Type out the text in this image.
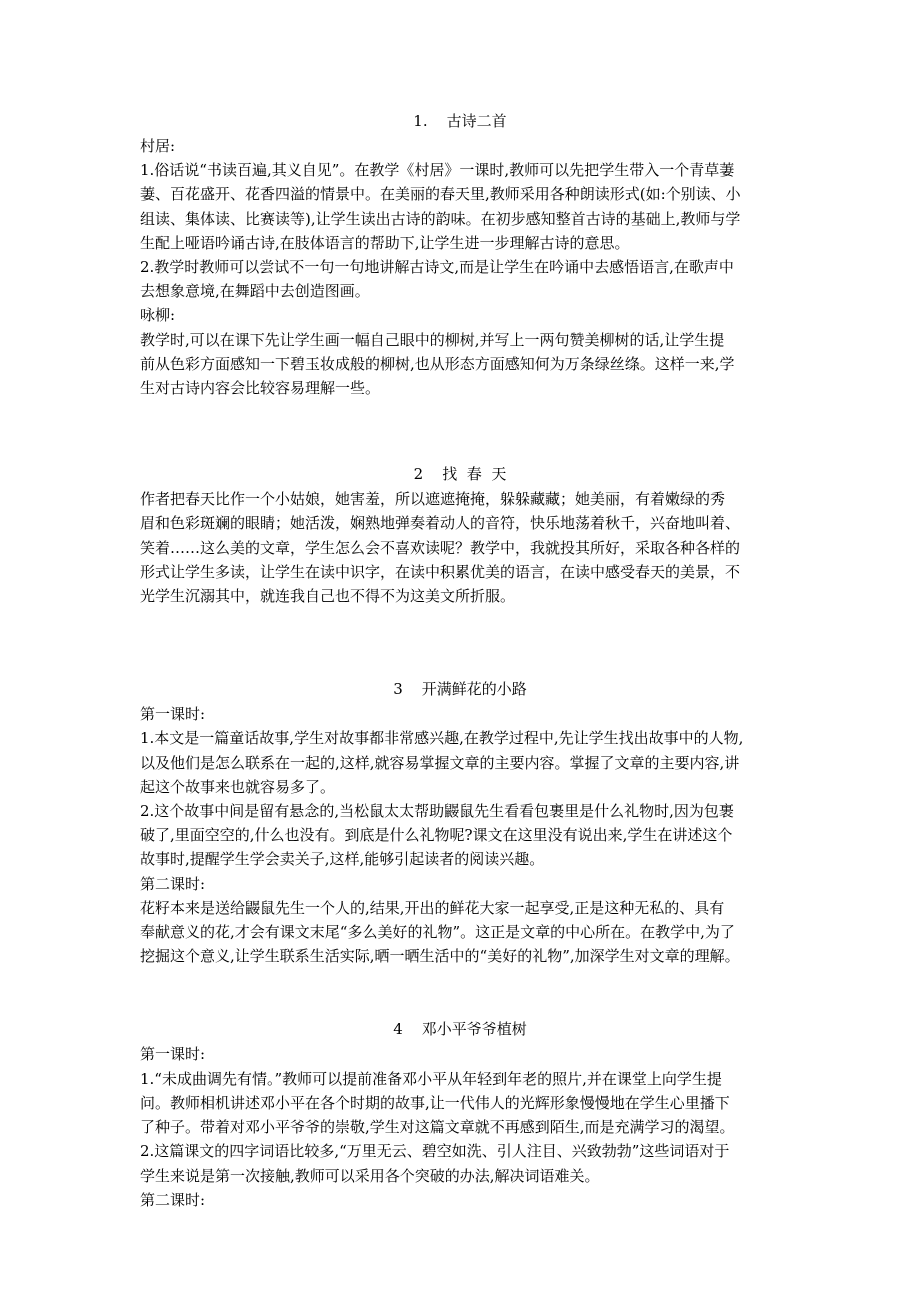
1.    古诗二首
村居:
1.俗话说“书读百遍,其义自见”。在教学《村居》一课时,教师可以先把学生带入一个青草萋
萋、百花盛开、花香四溢的情景中。在美丽的春天里,教师采用各种朗读形式(如:个别读、小
组读、集体读、比赛读等),让学生读出古诗的韵味。在初步感知整首古诗的基础上,教师与学
生配上哑语吟诵古诗,在肢体语言的帮助下,让学生进一步理解古诗的意思。
2.教学时教师可以尝试不一句一句地讲解古诗文,而是让学生在吟诵中去感悟语言,在歌声中
去想象意境,在舞蹈中去创造图画。
咏柳:
教学时,可以在课下先让学生画一幅自己眼中的柳树,并写上一两句赞美柳树的话,让学生提
前从色彩方面感知一下碧玉妆成般的柳树,也从形态方面感知何为万条绿丝绦。这样一来,学
生对古诗内容会比较容易理解一些。
2    找  春  天
作者把春天比作一个小姑娘，她害羞，所以遮遮掩掩，躲躲藏藏；她美丽，有着嫩绿的秀
眉和色彩斑斓的眼睛；她活泼，娴熟地弹奏着动人的音符，快乐地荡着秋千，兴奋地叫着、
笑着……这么美的文章，学生怎么会不喜欢读呢？教学中，我就投其所好，采取各种各样的
形式让学生多读，让学生在读中识字，在读中积累优美的语言，在读中感受春天的美景，不
光学生沉溺其中，就连我自己也不得不为这美文所折服。
3    开满鲜花的小路
第一课时:
1.本文是一篇童话故事,学生对故事都非常感兴趣,在教学过程中,先让学生找出故事中的人物,
以及他们是怎么联系在一起的,这样,就容易掌握文章的主要内容。掌握了文章的主要内容,讲
起这个故事来也就容易多了。
2.这个故事中间是留有悬念的,当松鼠太太帮助鼹鼠先生看看包裹里是什么礼物时,因为包裹
破了,里面空空的,什么也没有。到底是什么礼物呢?课文在这里没有说出来,学生在讲述这个
故事时,提醒学生学会卖关子,这样,能够引起读者的阅读兴趣。
第二课时:
花籽本来是送给鼹鼠先生一个人的,结果,开出的鲜花大家一起享受,正是这种无私的、具有
奉献意义的花,才会有课文末尾“多么美好的礼物”。这正是文章的中心所在。在教学中,为了
挖掘这个意义,让学生联系生活实际,晒一晒生活中的“美好的礼物”,加深学生对文章的理解。
4    邓小平爷爷植树
第一课时:
1.“未成曲调先有情。”教师可以提前准备邓小平从年轻到年老的照片,并在课堂上向学生提
问。教师相机讲述邓小平在各个时期的故事,让一代伟人的光辉形象慢慢地在学生心里播下
了种子。带着对邓小平爷爷的崇敬,学生对这篇文章就不再感到陌生,而是充满学习的渴望。
2.这篇课文的四字词语比较多,“万里无云、碧空如洗、引人注目、兴致勃勃”这些词语对于
学生来说是第一次接触,教师可以采用各个突破的办法,解决词语难关。
第二课时:
